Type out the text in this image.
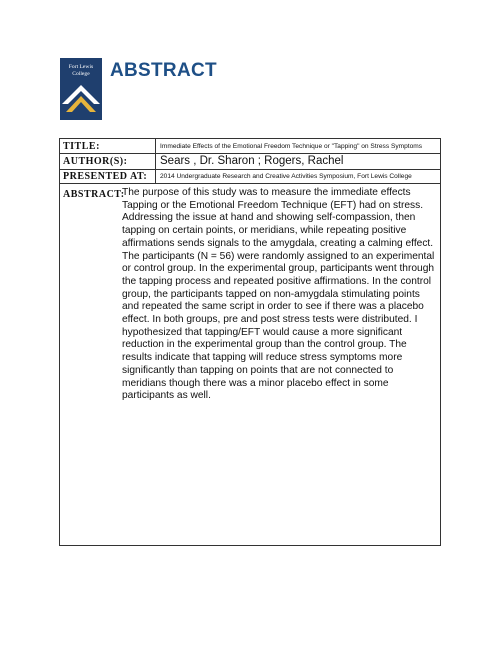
Fort Lewis
College ABSTRACT
TITLE:	Immediate Effects of the Emotional Freedom Technique or "Tapping" on Stress Symptoms
AUTHOR(S):	Sears , Dr. Sharon ; Rogers, Rachel
PRESENTED AT:	2014 Undergraduate Research and Creative Activities Symposium, Fort Lewis College
ABSTRACT:
The purpose of this study was to measure the immediate effects Tapping or the Emotional Freedom Technique (EFT) had on stress. Addressing the issue at hand and showing self-compassion, then tapping on certain points, or meridians, while repeating positive affirmations sends signals to the amygdala, creating a calming effect. The participants (N = 56) were randomly assigned to an experimental or control group. In the experimental group, participants went through the tapping process and repeated positive affirmations. In the control group, the participants tapped on non-amygdala stimulating points and repeated the same script in order to see if there was a placebo effect. In both groups, pre and post stress tests were distributed. I hypothesized that tapping/EFT would cause a more significant reduction in the experimental group than the control group. The results indicate that tapping will reduce stress symptoms more significantly than tapping on points that are not connected to meridians though there was a minor placebo effect in some participants as well.
